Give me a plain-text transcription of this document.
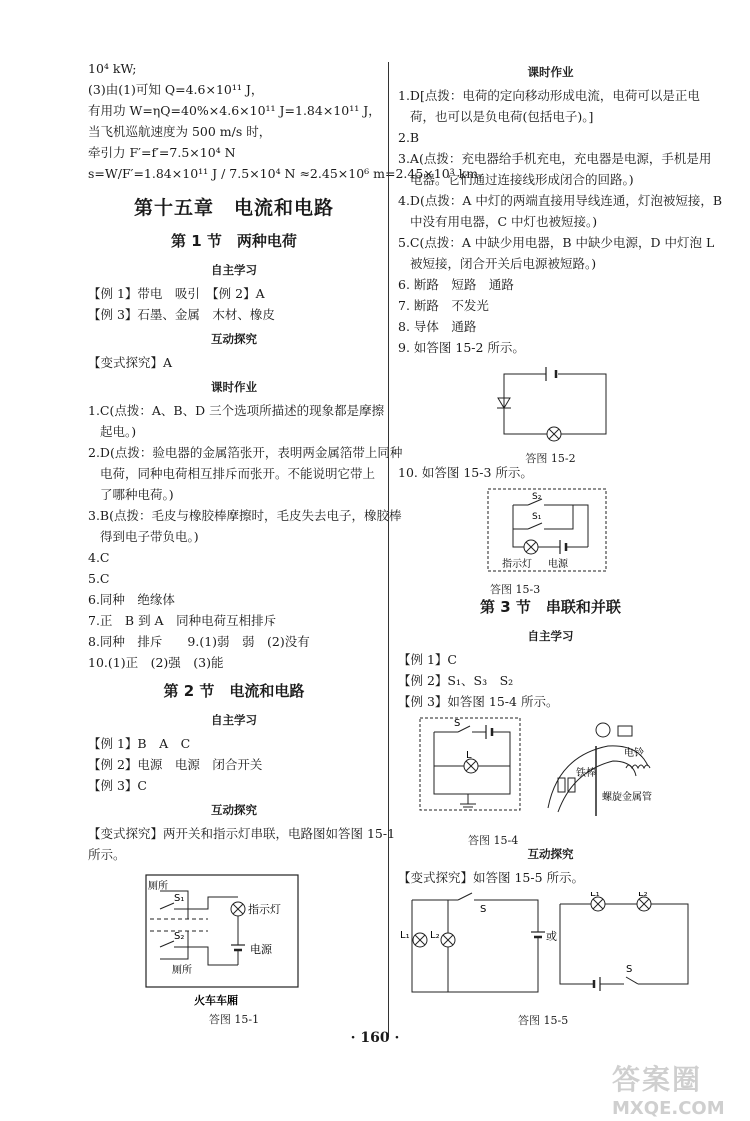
10⁴ kW;
(3)由(1)可知 Q=4.6×10¹¹ J，
有用功 W=ηQ=40%×4.6×10¹¹ J=1.84×10¹¹ J，
当飞机巡航速度为 500 m/s 时，
牵引力 F′=f′=7.5×10⁴ N
s=W/F′=1.84×10¹¹ J / 7.5×10⁴ N ≈2.45×10⁶ m=2.45×10³ km.
第十五章　电流和电路
第 1 节　两种电荷
自主学习
【例 1】带电　吸引　【例 2】A
【例 3】石墨、金属　木材、橡皮
互动探究
【变式探究】A
课时作业
1.C(点拨：A、B、D 三个选项所描述的现象都是摩擦
起电。)
2.D(点拨：验电器的金属箔张开，表明两金属箔带上同种
电荷，同种电荷相互排斥而张开。不能说明它带上
了哪种电荷。)
3.B(点拨：毛皮与橡胶棒摩擦时，毛皮失去电子，橡胶棒
得到电子带负电。)
4.C
5.C
6.同种　绝缘体
7.正　B 到 A　同种电荷互相排斥
8.同种　排斥　　9.(1)弱　弱　(2)没有
10.(1)正　(2)强　(3)能
第 2 节　电流和电路
自主学习
【例 1】B　A　C
【例 2】电源　电源　闭合开关
【例 3】C
互动探究
【变式探究】两开关和指示灯串联，电路图如答图 15-1
所示。
厕所
S₁
指示灯
S₂
厕所
电源
火车车厢
答图 15-1
课时作业
1.D[点拨：电荷的定向移动形成电流，电荷可以是正电
荷，也可以是负电荷(包括电子)。]
2.B
3.A(点拨：充电器给手机充电，充电器是电源，手机是用
电器。它们通过连接线形成闭合的回路。)
4.D(点拨：A 中灯的两端直接用导线连通，灯泡被短接，B
中没有用电器，C 中灯也被短接。)
5.C(点拨：A 中缺少用电器，B 中缺少电源，D 中灯泡 L
被短接，闭合开关后电源被短路。)
6. 断路　短路　通路
7. 断路　不发光
8. 导体　通路
9. 如答图 15-2 所示。
答图 15-2
10. 如答图 15-3 所示。
S₂
S₁
指示灯 电源
答图 15-3
第 3 节　串联和并联
自主学习
【例 1】C
【例 2】S₁、S₃　S₂
【例 3】如答图 15-4 所示。
S
L	电铃
铁棒
螺旋金属管
答图 15-4
互动探究
【变式探究】如答图 15-5 所示。
S
L₁ L₂	或
L₁	L₂
S
答图 15-5
· 160 ·
答案圈
MXQE.COM
